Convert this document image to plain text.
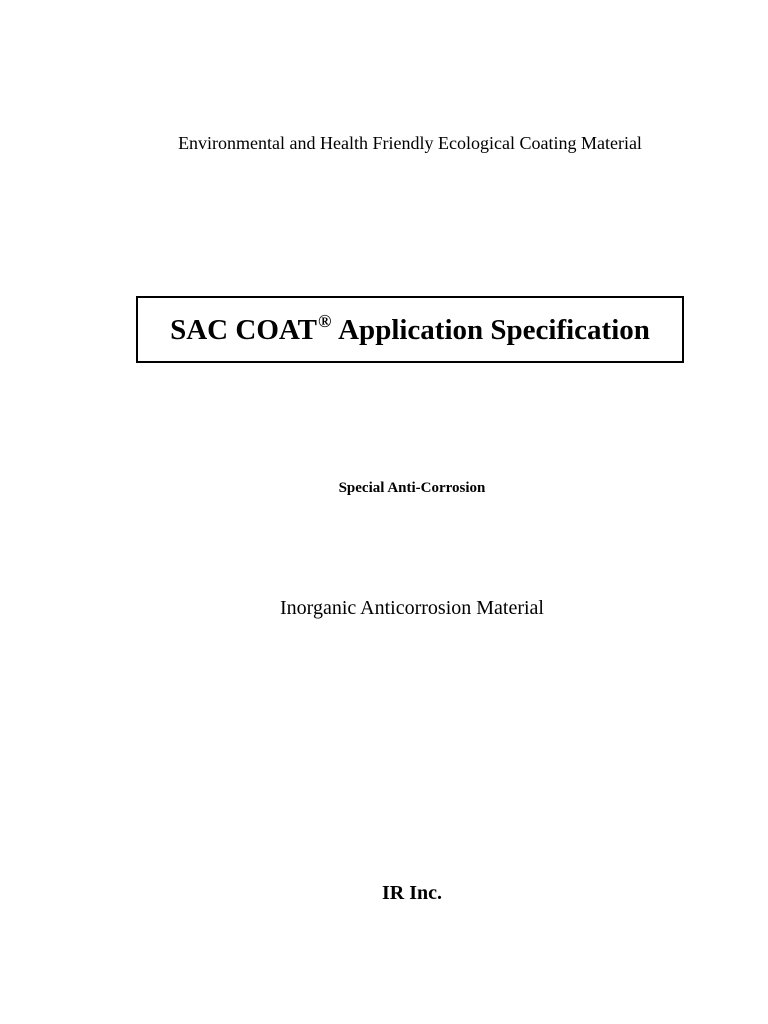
Environmental and Health Friendly Ecological Coating Material
SAC COAT® Application Specification
Special Anti-Corrosion
Inorganic Anticorrosion Material
IR Inc.
